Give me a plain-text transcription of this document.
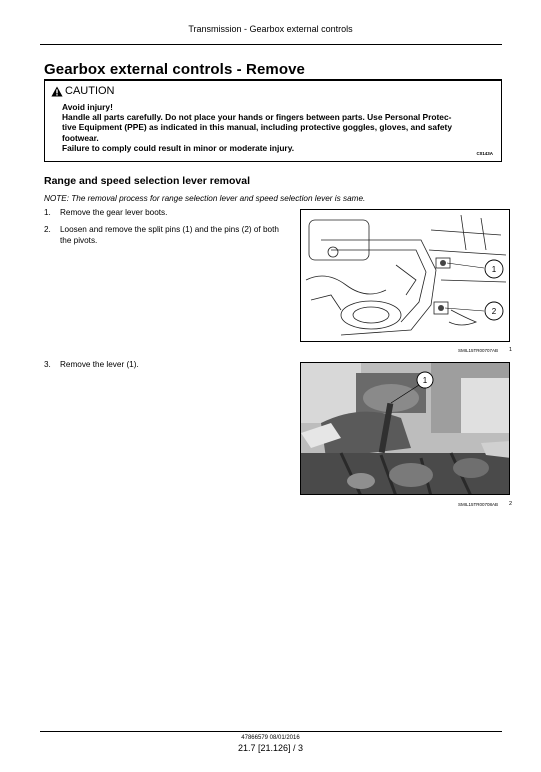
Transmission - Gearbox external controls
Gearbox external controls - Remove
CAUTION
Avoid injury!
Handle all parts carefully. Do not place your hands or fingers between parts. Use Personal Protec-
tive Equipment (PPE) as indicated in this manual, including protective goggles, gloves, and safety
footwear.
Failure to comply could result in minor or moderate injury.
C0143A
Range and speed selection lever removal
NOTE: The removal process for range selection lever and speed selection lever is same.
1.	Remove the gear lever boots.
2.	Loosen and remove the split pins (1) and the pins (2) of both the pivots.
3.	Remove the lever (1).
1
2
SMIL15TR00707AB 1
1
SMIL15TR00708AB 2
47866579 08/01/2016
21.7 [21.126] / 3
